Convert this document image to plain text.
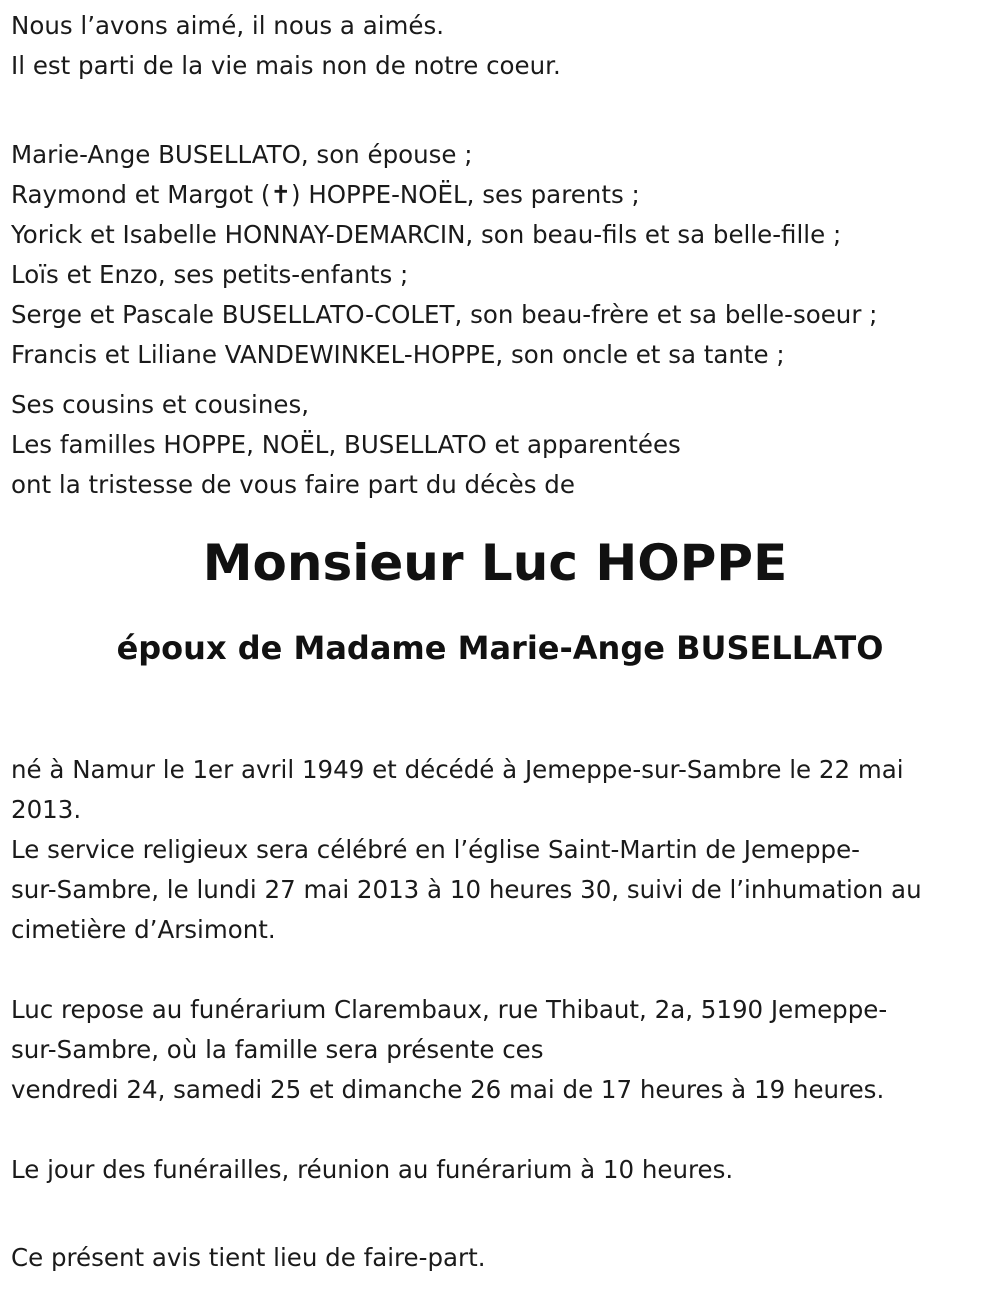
Nous l’avons aimé, il nous a aimés.
Il est parti de la vie mais non de notre coeur.
Marie-Ange BUSELLATO, son épouse ;
Raymond et Margot (✝) HOPPE-NOËL, ses parents ;
Yorick et Isabelle HONNAY-DEMARCIN, son beau-fils et sa belle-fille ;
Loïs et Enzo, ses petits-enfants ;
Serge et Pascale BUSELLATO-COLET, son beau-frère et sa belle-soeur ;
Francis et Liliane VANDEWINKEL-HOPPE, son oncle et sa tante ;
Ses cousins et cousines,
Les familles HOPPE, NOËL, BUSELLATO et apparentées
ont la tristesse de vous faire part du décès de
Monsieur Luc HOPPE
époux de Madame Marie-Ange BUSELLATO
né à Namur le 1er avril 1949 et décédé à Jemeppe-sur-Sambre le 22 mai
2013.
Le service religieux sera célébré en l’église Saint-Martin de Jemeppe-
sur-Sambre, le lundi 27 mai 2013 à 10 heures 30, suivi de l’inhumation au
cimetière d’Arsimont.
Luc repose au funérarium Clarembaux, rue Thibaut, 2a, 5190 Jemeppe-
sur-Sambre, où la famille sera présente ces
vendredi 24, samedi 25 et dimanche 26 mai de 17 heures à 19 heures.
Le jour des funérailles, réunion au funérarium à 10 heures.
Ce présent avis tient lieu de faire-part.
